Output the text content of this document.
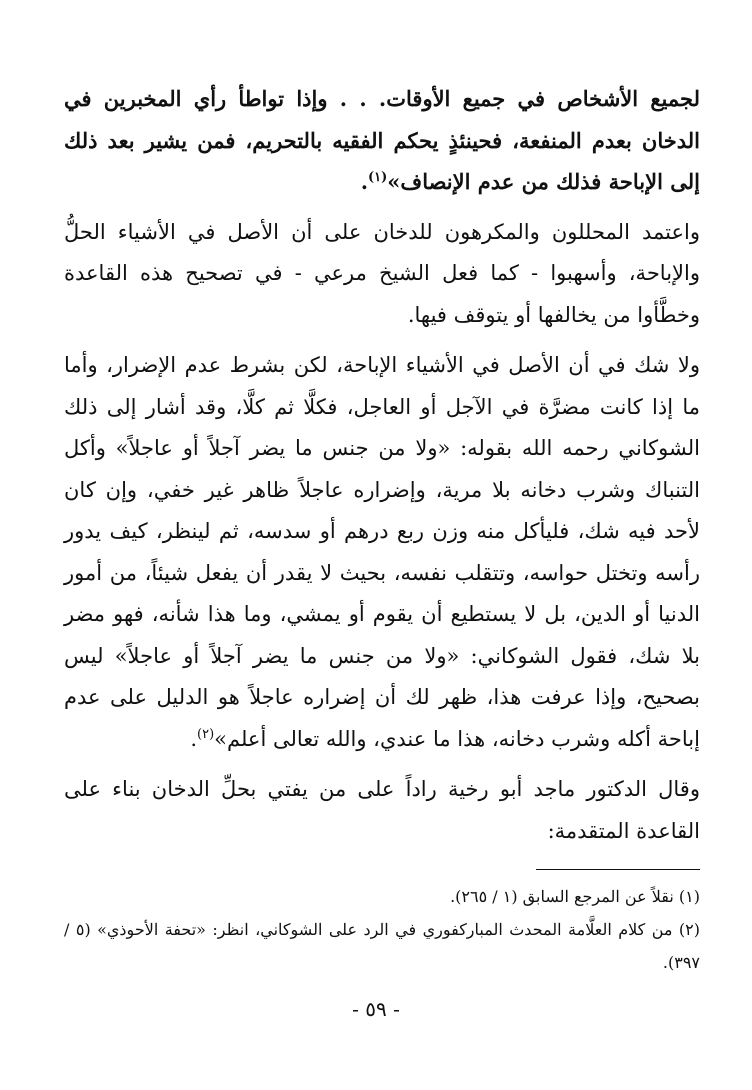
لجميع الأشخاص في جميع الأوقات. . . وإذا تواطأ رأي المخبرين في الدخان بعدم المنفعة، فحينئذٍ يحكم الفقيه بالتحريم، فمن يشير بعد ذلك إلى الإباحة فذلك من عدم الإنصاف»$^{(١)}$.

واعتمد المحللون والمكرهون للدخان على أن الأصل في الأشياء الحلُّ والإباحة، وأسهبوا - كما فعل الشيخ مرعي - في تصحيح هذه القاعدة وخطَّأوا من يخالفها أو يتوقف فيها.

ولا شك في أن الأصل في الأشياء الإباحة، لكن بشرط عدم الإضرار، وأما ما إذا كانت مضرَّة في الآجل أو العاجل، فكلَّا ثم كلَّا، وقد أشار إلى ذلك الشوكاني رحمه الله بقوله: «ولا من جنس ما يضر آجلاً أو عاجلاً» وأكل التنباك وشرب دخانه بلا مرية، وإضراره عاجلاً ظاهر غير خفي، وإن كان لأحد فيه شك، فليأكل منه وزن ربع درهم أو سدسه، ثم لينظر، كيف يدور رأسه وتختل حواسه، وتتقلب نفسه، بحيث لا يقدر أن يفعل شيئاً، من أمور الدنيا أو الدين، بل لا يستطيع أن يقوم أو يمشي، وما هذا شأنه، فهو مضر بلا شك، فقول الشوكاني: «ولا من جنس ما يضر آجلاً أو عاجلاً» ليس بصحيح، وإذا عرفت هذا، ظهر لك أن إضراره عاجلاً هو الدليل على عدم إباحة أكله وشرب دخانه، هذا ما عندي، والله تعالى أعلم»$^{(٢)}$.

وقال الدكتور ماجد أبو رخية راداً على من يفتي بحلِّ الدخان بناء على القاعدة المتقدمة:

(١) نقلاً عن المرجع السابق (١ / ٢٦٥).

(٢) من كلام العلَّامة المحدث المباركفوري في الرد على الشوكاني، انظر: «تحفة الأحوذي» (٥ / ٣٩٧).

- ٥٩ -
